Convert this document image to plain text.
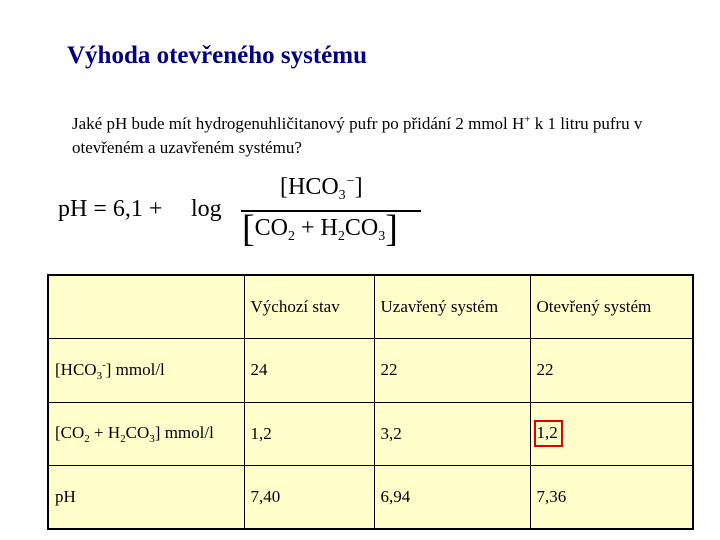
Výhoda otevřeného systému
Jaké pH bude mít hydrogenuhličitanový pufr po přidání 2 mmol H+ k 1 litru pufru v otevřeném a uzavřeném systému?
pH = 6,1 + log
$[HCO_3^-]$
$[CO_2 + H_2CO_3]$
	Výchozí stav	Uzavřený systém	Otevřený systém
$[HCO_3^-]$ mmol/l	24	22	22
$[CO_2 + H_2CO_3]$ mmol/l	1,2	3,2	1,2
pH	7,40	6,94	7,36
